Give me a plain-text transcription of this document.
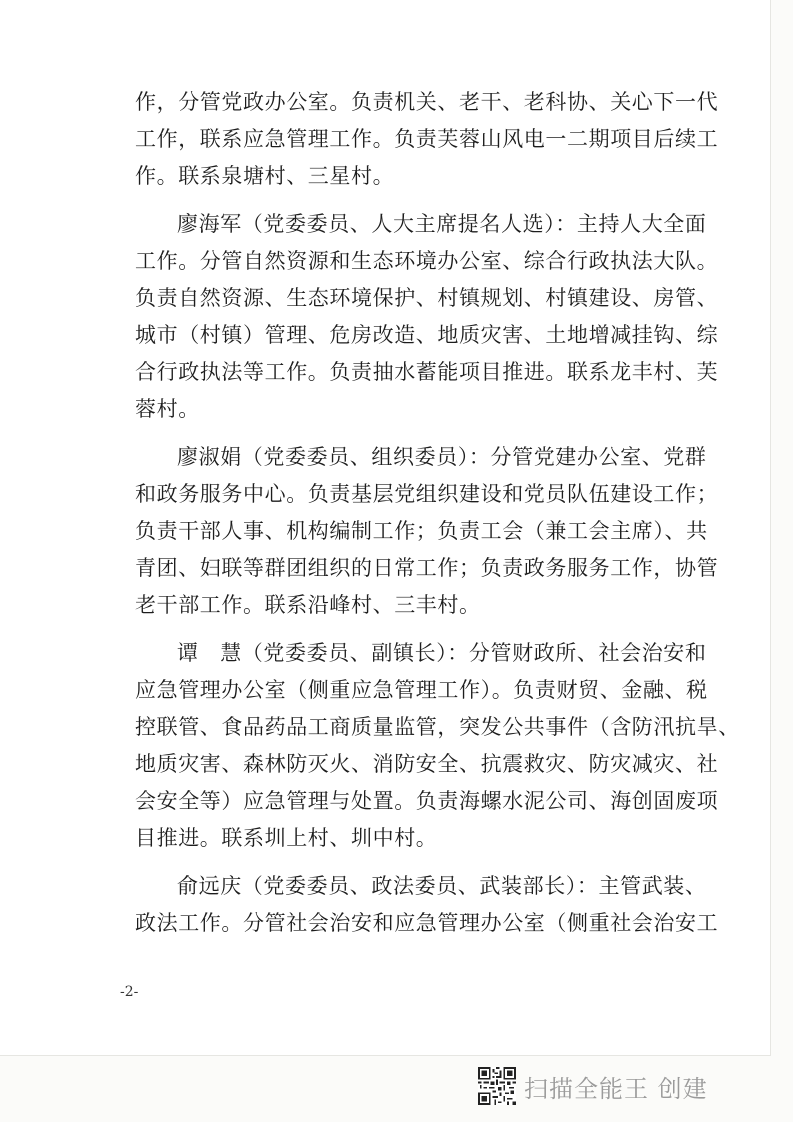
作，分管党政办公室。负责机关、老干、老科协、关心下一代
工作，联系应急管理工作。负责芙蓉山风电一二期项目后续工
作。联系泉塘村、三星村。
廖海军（党委委员、人大主席提名人选）：主持人大全面
工作。分管自然资源和生态环境办公室、综合行政执法大队。
负责自然资源、生态环境保护、村镇规划、村镇建设、房管、
城市（村镇）管理、危房改造、地质灾害、土地增减挂钩、综
合行政执法等工作。负责抽水蓄能项目推进。联系龙丰村、芙
蓉村。
廖淑娟（党委委员、组织委员）：分管党建办公室、党群
和政务服务中心。负责基层党组织建设和党员队伍建设工作；
负责干部人事、机构编制工作；负责工会（兼工会主席）、共
青团、妇联等群团组织的日常工作；负责政务服务工作，协管
老干部工作。联系沿峰村、三丰村。
谭　慧（党委委员、副镇长）：分管财政所、社会治安和
应急管理办公室（侧重应急管理工作）。负责财贸、金融、税
控联管、食品药品工商质量监管，突发公共事件（含防汛抗旱、
地质灾害、森林防灭火、消防安全、抗震救灾、防灾减灾、社
会安全等）应急管理与处置。负责海螺水泥公司、海创固废项
目推进。联系圳上村、圳中村。
俞远庆（党委委员、政法委员、武装部长）：主管武装、
政法工作。分管社会治安和应急管理办公室（侧重社会治安工
-2-
扫描全能王 创建
